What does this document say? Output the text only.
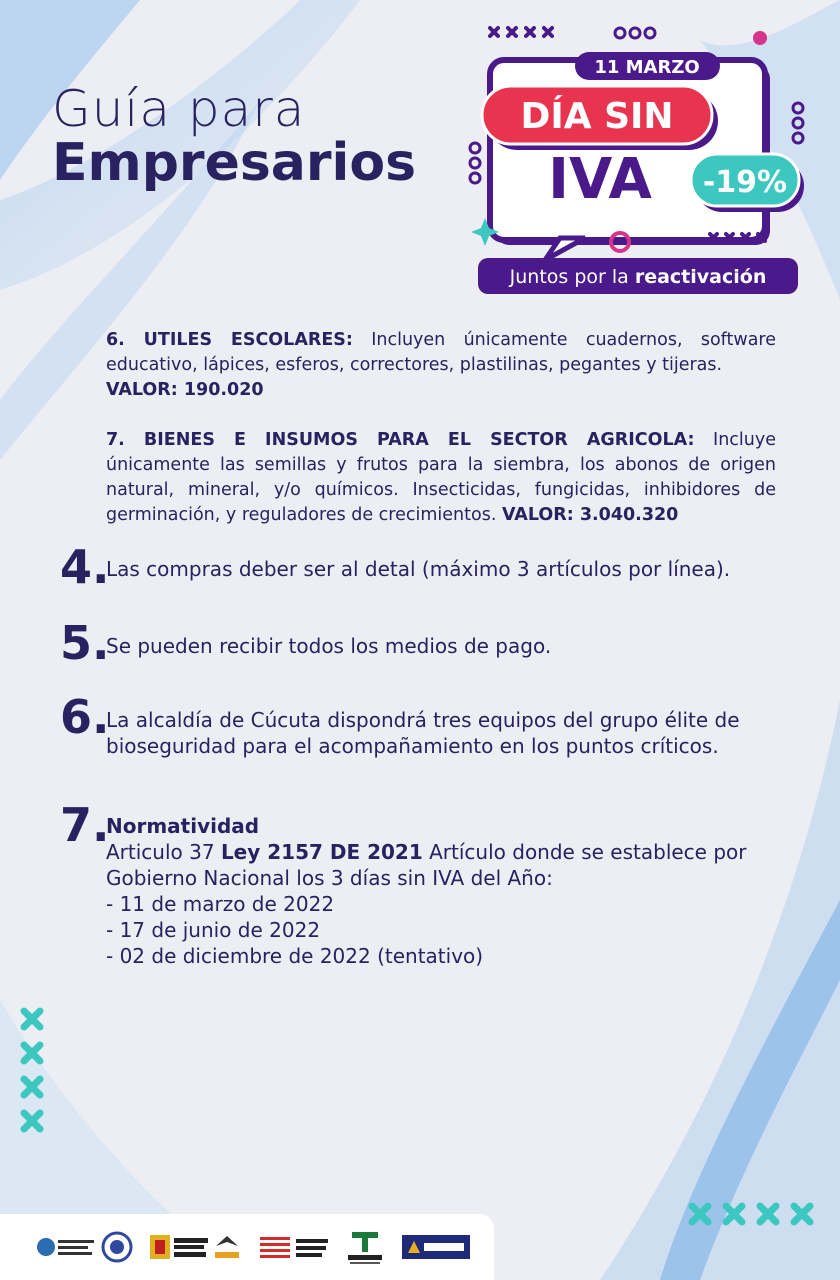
Guía para
Empresarios
11 MARZO
DÍA SIN
IVA -19%
Juntos por la reactivación
6. UTILES ESCOLARES: Incluyen únicamente cuadernos, software educativo, lápices, esferos, correctores, plastilinas, pegantes y tijeras.
VALOR: 190.020
7. BIENES E INSUMOS PARA EL SECTOR AGRICOLA: Incluye únicamente las semillas y frutos para la siembra, los abonos de origen natural, mineral, y/o químicos. Insecticidas, fungicidas, inhibidores de germinación, y reguladores de crecimientos. VALOR: 3.040.320
4.
Las compras deber ser al detal (máximo 3 artículos por línea).
5.
Se pueden recibir todos los medios de pago.
6.
La alcaldía de Cúcuta dispondrá tres equipos del grupo élite de bioseguridad para el acompañamiento en los puntos críticos.
7.
Normatividad
Articulo 37 Ley 2157 DE 2021 Artículo donde se establece por Gobierno Nacional los 3 días sin IVA del Año:
- 11 de marzo de 2022
- 17 de junio de 2022
- 02 de diciembre de 2022 (tentativo)
